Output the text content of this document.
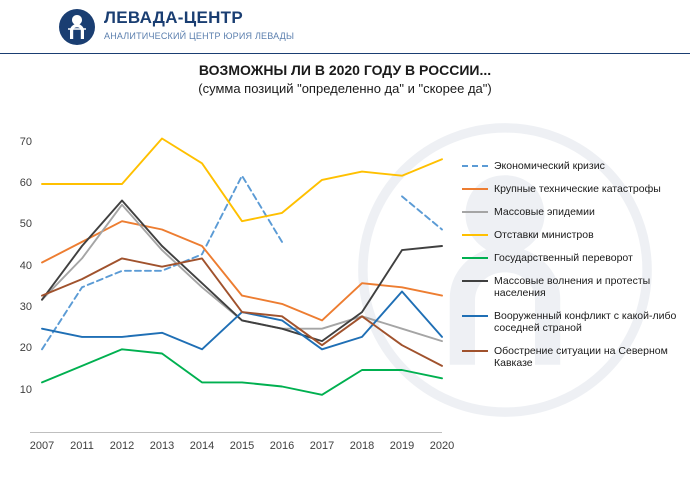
ЛЕВАДА-ЦЕНТР
АНАЛИТИЧЕСКИЙ ЦЕНТР ЮРИЯ ЛЕВАДЫ
ВОЗМОЖНЫ ЛИ В 2020 ГОДУ В РОССИИ...
(сумма позиций "определенно да" и "скорее да")
10
20
30
40
50
60
70
2007	2011	2012	2013	2014	2015	2016	2017	2018	2019	2020
Экономический кризис
Крупные технические катастрофы
Массовые эпидемии
Отставки министров
Государственный переворот
Массовые волнения и протесты населения
Вооруженный конфликт с какой-либо соседней страной
Обострение ситуации на Северном Кавказе
